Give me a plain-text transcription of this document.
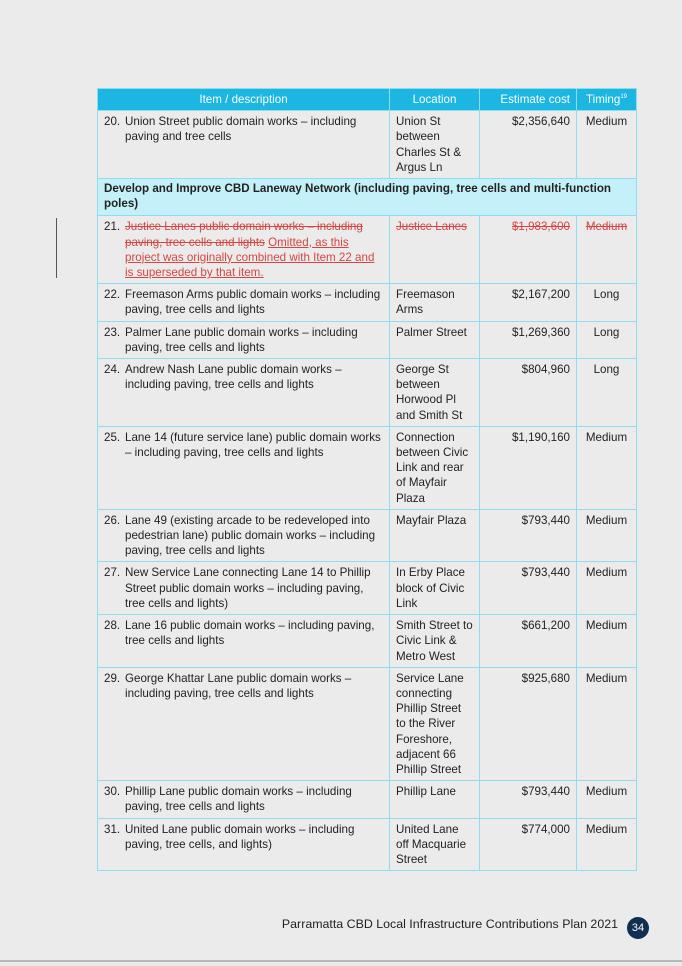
Item / description	Location	Estimate cost	Timing$^{19}$

20. Union Street public domain works – including paving and tree cells	Union St between Charles St & Argus Ln	$2,356,640	Medium
Develop and Improve CBD Laneway Network (including paving, tree cells and multi-function poles)			

21. Justice Lanes public domain works – including paving, tree cells and lights Omitted, as this project was originally combined with Item 22 and is superseded by that item.	Justice Lanes	$1,983,600	Medium

22. Freemason Arms public domain works – including paving, tree cells and lights	Freemason Arms	$2,167,200	Long

23. Palmer Lane public domain works – including paving, tree cells and lights	Palmer Street	$1,269,360	Long

24. Andrew Nash Lane public domain works – including paving, tree cells and lights	George St between Horwood Pl and Smith St	$804,960	Long

25. Lane 14 (future service lane) public domain works – including paving, tree cells and lights	Connection between Civic Link and rear of Mayfair Plaza	$1,190,160	Medium

26. Lane 49 (existing arcade to be redeveloped into pedestrian lane) public domain works – including paving, tree cells and lights	Mayfair Plaza	$793,440	Medium

27. New Service Lane connecting Lane 14 to Phillip Street public domain works – including paving, tree cells and lights)	In Erby Place block of Civic Link	$793,440	Medium

28. Lane 16 public domain works – including paving, tree cells and lights	Smith Street to Civic Link & Metro West	$661,200	Medium

29. George Khattar Lane public domain works – including paving, tree cells and lights	Service Lane connecting Phillip Street to the River Foreshore, adjacent 66 Phillip Street	$925,680	Medium

30. Phillip Lane public domain works – including paving, tree cells and lights	Phillip Lane	$793,440	Medium

31. United Lane public domain works – including paving, tree cells, and lights)	United Lane off Macquarie Street	$774,000	Medium
Parramatta CBD Local Infrastructure Contributions Plan 2021	34
